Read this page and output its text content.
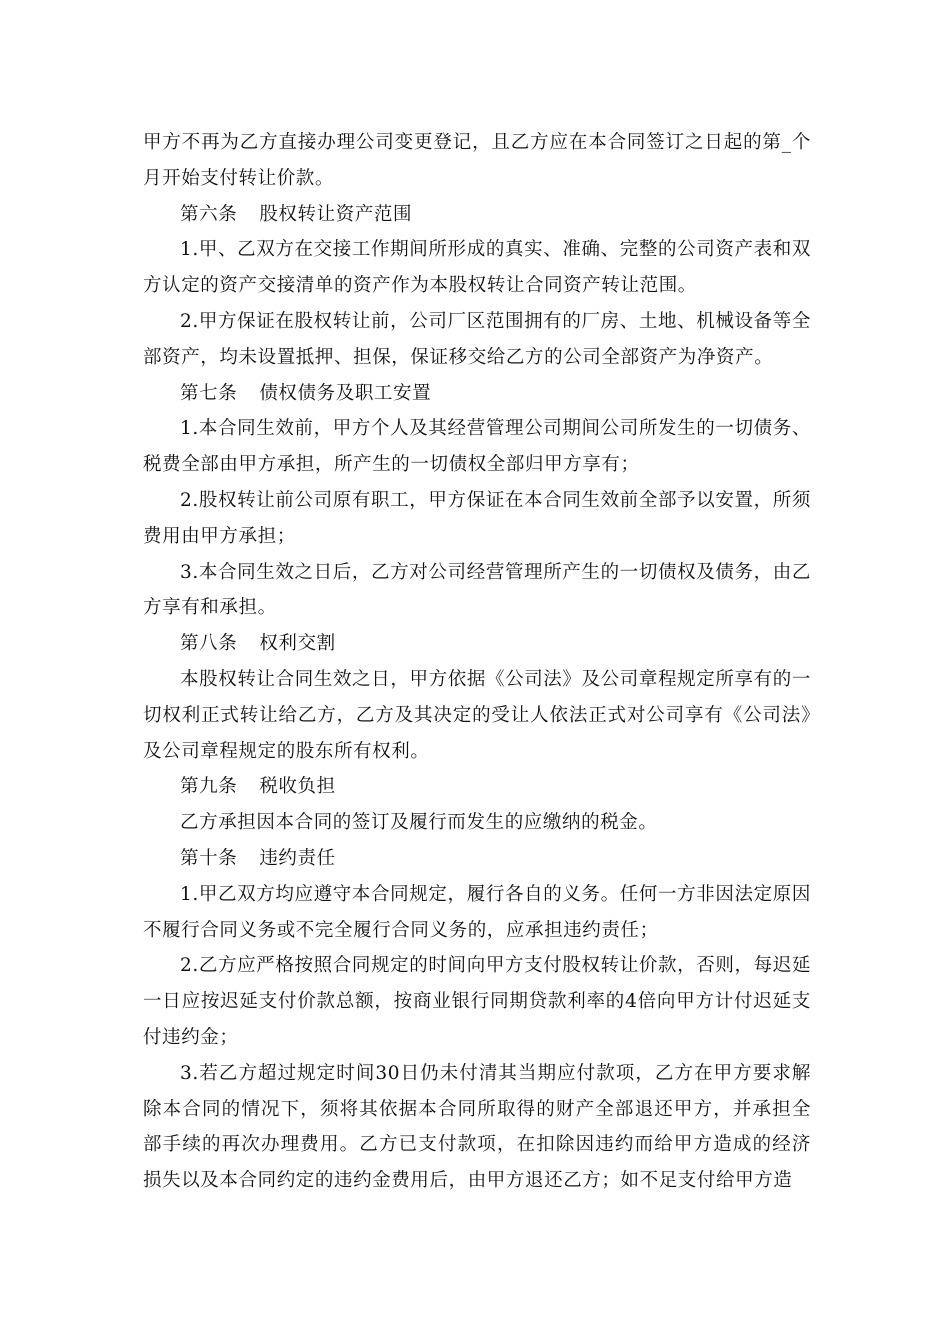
甲方不再为乙方直接办理公司变更登记，且乙方应在本合同签订之日起的第_个月开始支付转让价款。

第六条 股权转让资产范围

1.甲、乙双方在交接工作期间所形成的真实、准确、完整的公司资产表和双方认定的资产交接清单的资产作为本股权转让合同资产转让范围。

2.甲方保证在股权转让前，公司厂区范围拥有的厂房、土地、机械设备等全部资产，均未设置抵押、担保，保证移交给乙方的公司全部资产为净资产。

第七条 债权债务及职工安置

1.本合同生效前，甲方个人及其经营管理公司期间公司所发生的一切债务、税费全部由甲方承担，所产生的一切债权全部归甲方享有；

2.股权转让前公司原有职工，甲方保证在本合同生效前全部予以安置，所须费用由甲方承担；

3.本合同生效之日后，乙方对公司经营管理所产生的一切债权及债务，由乙方享有和承担。

第八条 权利交割

本股权转让合同生效之日，甲方依据《公司法》及公司章程规定所享有的一切权利正式转让给乙方，乙方及其决定的受让人依法正式对公司享有《公司法》及公司章程规定的股东所有权利。

第九条 税收负担

乙方承担因本合同的签订及履行而发生的应缴纳的税金。

第十条 违约责任

1.甲乙双方均应遵守本合同规定，履行各自的义务。任何一方非因法定原因不履行合同义务或不完全履行合同义务的，应承担违约责任；

2.乙方应严格按照合同规定的时间向甲方支付股权转让价款，否则，每迟延一日应按迟延支付价款总额，按商业银行同期贷款利率的4倍向甲方计付迟延支付违约金；

3.若乙方超过规定时间30日仍未付清其当期应付款项，乙方在甲方要求解除本合同的情况下，须将其依据本合同所取得的财产全部退还甲方，并承担全部手续的再次办理费用。乙方已支付款项，在扣除因违约而给甲方造成的经济损失以及本合同约定的违约金费用后，由甲方退还乙方；如不足支付给甲方造
